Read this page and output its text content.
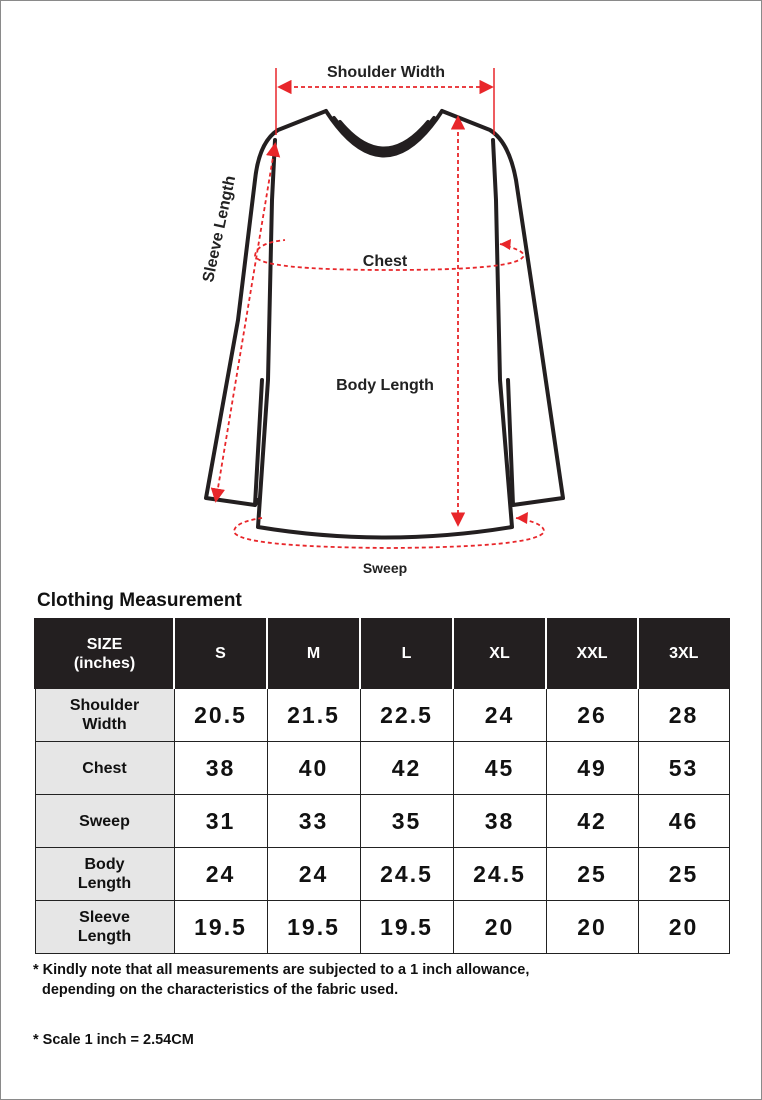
Shoulder Width
Chest
Body Length
Sweep
Sleeve Length
Clothing Measurement
SIZE
(inches)	S	M	L	XL	XXL	3XL

Shoulder
Width	20.5	21.5	22.5	24	26	28

Chest	38	40	42	45	49	53

Sweep	31	33	35	38	42	46

Body
Length	24	24	24.5	24.5	25	25

Sleeve
Length	19.5	19.5	19.5	20	20	20
* Kindly note that all measurements are subjected to a 1 inch allowance,
depending on the characteristics of the fabric used.
* Scale 1 inch = 2.54CM
